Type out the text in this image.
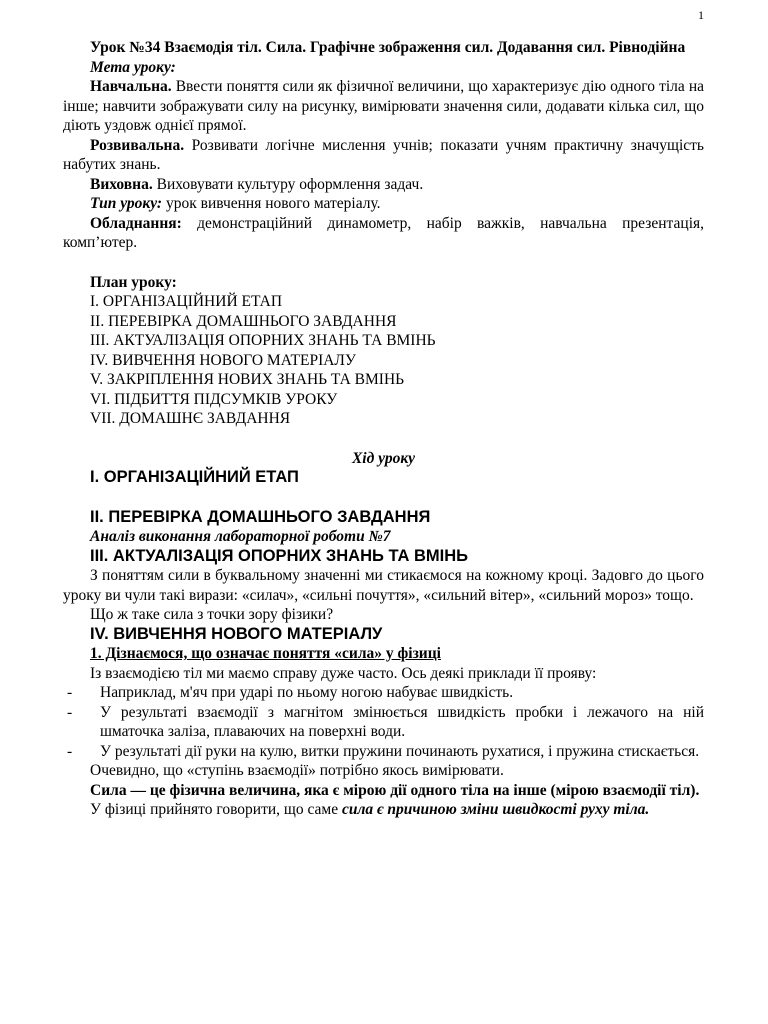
1

Урок №34 Взаємодія тіл. Сила. Графічне зображення сил. Додавання сил. Рівнодійна

Мета уроку:

Навчальна. Ввести поняття сили як фізичної величини, що характеризує дію одного тіла на інше; навчити зображувати силу на рисунку, вимірювати значення сили, додавати кілька сил, що діють уздовж однієї прямої.

Розвивальна. Розвивати логічне мислення учнів; показати учням практичну значущість набутих знань.

Виховна. Виховувати культуру оформлення задач.

Тип уроку: урок вивчення нового матеріалу.

Обладнання: демонстраційний динамометр, набір важків, навчальна презентація, комп’ютер.

План уроку:

I. ОРГАНІЗАЦІЙНИЙ ЕТАП

II. ПЕРЕВІРКА ДОМАШНЬОГО ЗАВДАННЯ

III. АКТУАЛІЗАЦІЯ ОПОРНИХ ЗНАНЬ ТА ВМІНЬ

IV. ВИВЧЕННЯ НОВОГО МАТЕРІАЛУ

V. ЗАКРІПЛЕННЯ НОВИХ ЗНАНЬ ТА ВМІНЬ

VI. ПІДБИТТЯ ПІДСУМКІВ УРОКУ

VII. ДОМАШНЄ ЗАВДАННЯ

Хід уроку

I. ОРГАНІЗАЦІЙНИЙ ЕТАП

II. ПЕРЕВІРКА ДОМАШНЬОГО ЗАВДАННЯ

Аналіз виконання лабораторної роботи №7

III. АКТУАЛІЗАЦІЯ ОПОРНИХ ЗНАНЬ ТА ВМІНЬ

З поняттям сили в буквальному значенні ми стикаємося на кожному кроці. Задовго до цього уроку ви чули такі вирази: «силач», «сильні почуття», «сильний вітер», «сильний мороз» тощо.

Що ж таке сила з точки зору фізики?

IV. ВИВЧЕННЯ НОВОГО МАТЕРІАЛУ

1. Дізнаємося, що означає поняття «сила» у фізиці

Із взаємодією тіл ми маємо справу дуже часто. Ось деякі приклади її прояву:

- Наприклад, м'яч при ударі по ньому ногою набуває швидкість.
- У результаті взаємодії з магнітом змінюється швидкість пробки і лежачого на ній шматочка заліза, плаваючих на поверхні води.
- У результаті дії руки на кулю, витки пружини починають рухатися, і пружина стискається.

Очевидно, що «ступінь взаємодії» потрібно якось вимірювати.

Сила — це фізична величина, яка є мірою дії одного тіла на інше (мірою взаємодії тіл).

У фізиці прийнято говорити, що саме сила є причиною зміни швидкості руху тіла.
